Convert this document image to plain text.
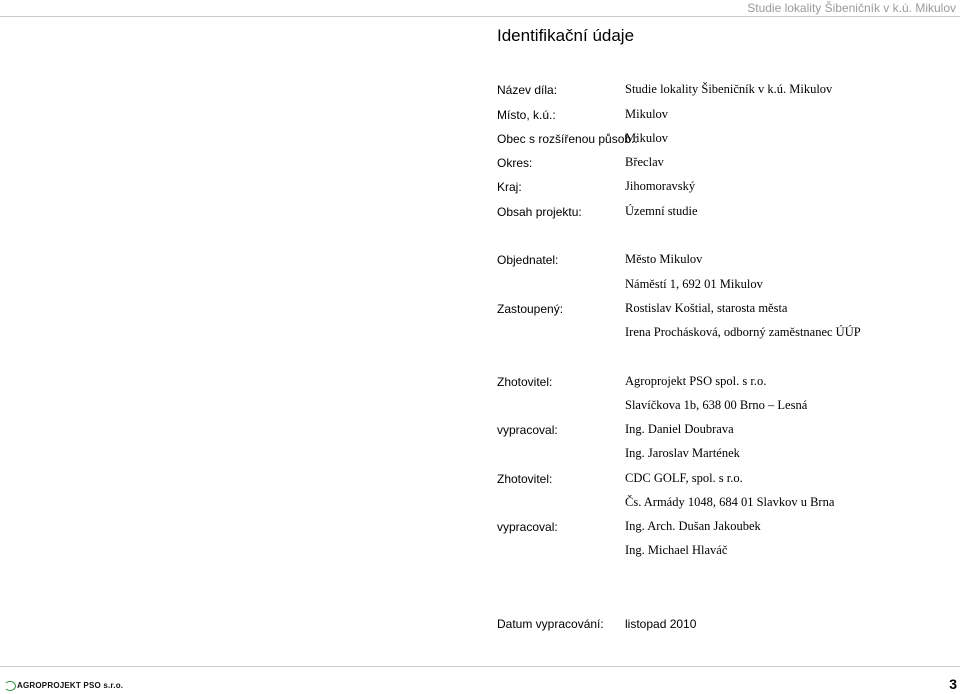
Studie lokality Šibeničník v k.ú. Mikulov
Identifikační údaje
Název díla:	Studie lokality Šibeničník v k.ú. Mikulov
Místo, k.ú.:	Mikulov
Obec s rozšířenou působ.:
Mikulov
Okres:	Břeclav
Kraj:	Jihomoravský
Obsah projektu:	Územní studie
Objednatel:	Město Mikulov
Náměstí 1, 692 01 Mikulov
Zastoupený:	Rostislav Koštial, starosta města
Irena Prochásková, odborný zaměstnanec ÚÚP
Zhotovitel:	Agroprojekt PSO spol. s r.o.
Slavíčkova 1b, 638 00 Brno – Lesná
vypracoval:	Ing. Daniel Doubrava
Ing. Jaroslav Martének
Zhotovitel:	CDC GOLF, spol. s r.o.
Čs. Armády 1048, 684 01 Slavkov u Brna
vypracoval:	Ing. Arch. Dušan Jakoubek
Ing. Michael Hlaváč
Datum vypracování: listopad 2010
AGROPROJEKT PSO s.r.o.	3
